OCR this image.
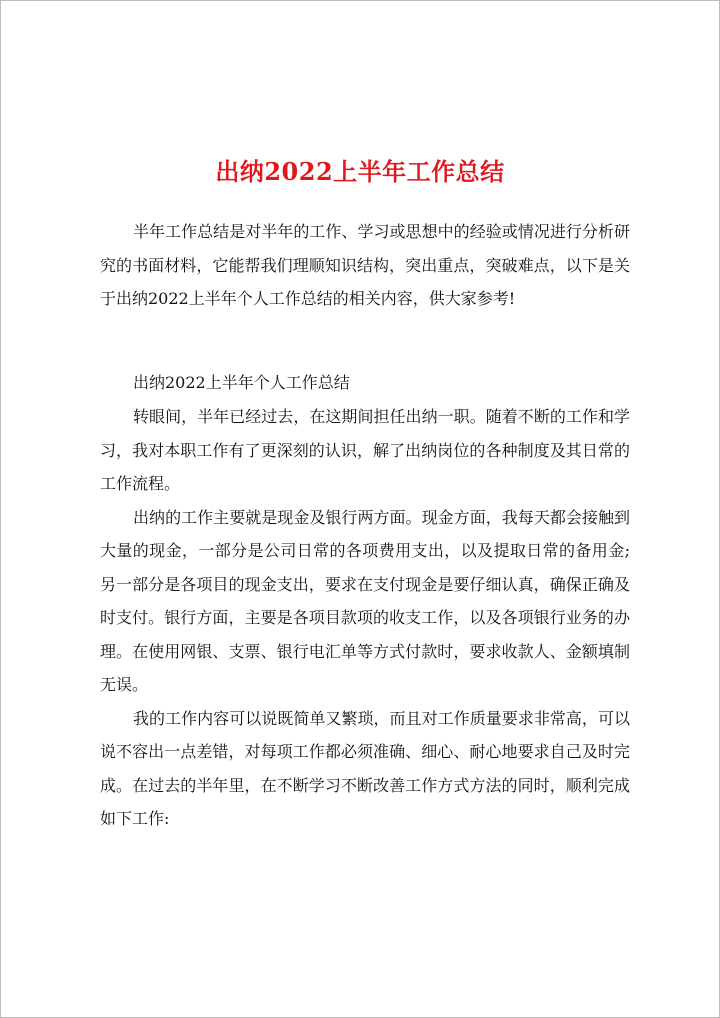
出纳2022上半年工作总结

半年工作总结是对半年的工作、学习或思想中的经验或情况进行分析研究的书面材料，它能帮我们理顺知识结构，突出重点，突破难点，以下是关于出纳2022上半年个人工作总结的相关内容，供大家参考!

出纳2022上半年个人工作总结

转眼间，半年已经过去，在这期间担任出纳一职。随着不断的工作和学习，我对本职工作有了更深刻的认识，解了出纳岗位的各种制度及其日常的工作流程。

出纳的工作主要就是现金及银行两方面。现金方面，我每天都会接触到大量的现金，一部分是公司日常的各项费用支出，以及提取日常的备用金;另一部分是各项目的现金支出，要求在支付现金是要仔细认真，确保正确及时支付。银行方面，主要是各项目款项的收支工作，以及各项银行业务的办理。在使用网银、支票、银行电汇单等方式付款时，要求收款人、金额填制无误。

我的工作内容可以说既简单又繁琐，而且对工作质量要求非常高，可以说不容出一点差错，对每项工作都必须准确、细心、耐心地要求自己及时完成。在过去的半年里，在不断学习不断改善工作方式方法的同时，顺利完成如下工作:
